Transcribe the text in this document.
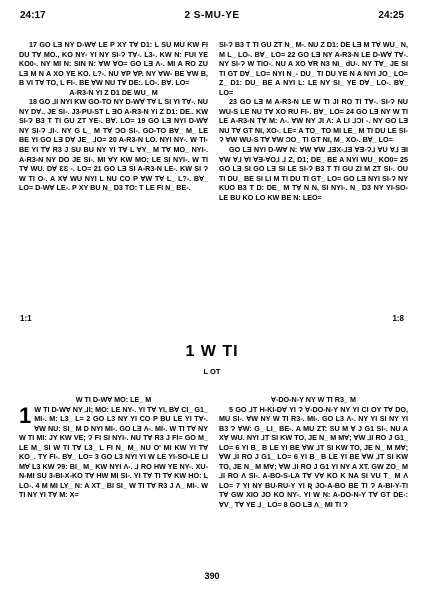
24:17	2 S-MU-YE	24:25

17 GO LƎ NY D-WⱯ LE P XY TⱯ D1: L SU MU KW FI DU TⱯ MO., KO NY- YI NY SI-Ɂ TⱯ-. L3-. KW N: FUI YE KO0-. NY MI N: SIN N: ⱯW ⱯO= GO LƎ Λ-. MI A RO ZU LƎ M N A XO YE KO. L?-. NU ⱯP ⱯP. NY ⱯW- BE ⱯW B, B VI TⱯ TO, L FI-. BE ⱯW NU TⱯ DE:. LO-. BⱯ. LO=

A-R3-N YI Z D1 DE WU_ M

18 GO ⅃I NYI KW GO-TO NY D-WⱯ TⱯ L SI YI TⱯ-. NU NY DⱯ.. JE SI-. J3-PU-ST L ƎO A-R3-N YI Z D1: DE.. KW SI-Ɂ B3 T TI GU ZT YE-. BⱯ. LO= 19 GO LƎ NYI D-WⱯ NY SI-Ɂ ⅃I-. NY G L_ M TⱯ ƆO SI-. GO-TO BⱯ_ M_ LE BE YI GO LƎ DⱯ JE_ ⅃O= 20 A-R3-N LO. NYI NY-. W TI- BE YI TⱯ R3 J SU BU NY YI TⱯ L ⱯY_ M TⱯ MO_ NYI-. A-R3-N NY DO JE SI-. MI ⱯY KW MO; LE SI NYI-. W TI TⱯ WU. DⱯ ƐƐ -. LO= 21 GO LƎ SI A-R3-N LE-. KW SI Ɂ W TI O-. A XⱯ WU NYI L NU CO P ⱯW TⱯ L_ L?-. BⱯ_ LO= D-WⱯ LE-. P XY BU N_ D3 TO: T LE FI N_ BE-.

SI-Ɂ B3 T TI GU ZT N_ M-. NU Z D1: DE LƎ M TⱯ WU_ N, M L_ LO-. BⱯ_ LO= 22 GO LƎ NY A-R3-N LE D-WⱯ TⱯ-. NY SI-Ɂ W TIO-. NU A XO ⱯR N3 NI_ dU-. NY TⱯ_ JE SI TI GT DⱯ_ LO= NYI N_- DU_ TI DU YE N A NYI JO_ LO= Z_ D1: DU_ BE A NYI L: LE NY SI_ YE DⱯ_ LO-. BⱯ_ LO=

23 GO LƎ M A-R3-N LE W TI JI RO TI TⱯ-. SI-Ɂ NU WU-S LE NU TⱯ XO RU FI-. BⱯ_ LO= 24 GO LƎ NY W TI LE A-R3-N TⱯ M: Λ-. ⱯW NY JI Λ: A LI ⅃ƆI -. NY GO LƎ NU TⱯ GT NI, XO-. LE= A TO_ TO MI LE_ M TI DU LE SI-Ɂ ⱯW WU-S TⱯ ⱯW ƆO_ TI GT NI, M_ XO-. BⱯ_ LO=

GO LƎ NYI D-WⱯ N: ⱯW ⱯW ⅃ƎX-⅃Ǝ ⱯƎ-Ɂ⅃ ⱯU Ɐ⅃ ƎI ⱯW Ɐ⅃ ⱯI ⱯƎ-ⱯO⅃ ⅃ Z, D1; DE_ BE A NYI WU_ KO0= 25 GO LƎ SI GO LƎ SI LE SI-Ɂ B3 T TI GU ZI M ZT SI-. OU TI DU_ BE SI LI M TI DU TI GT_ LO= GO LƎ NYI SI-Ɂ NY KUO B3 T D: DE_ M TⱯ N N, SI NYI-. N_ D3 NY YI-SO-LE BU KO LO KW BE N: LEO=

1:1	1:8
1 W TI
L OT

W TI D-WⱯ MO: LE_ M

1 W TI D-WⱯ NY ⅃I; MO: LE NY-. YI TⱯ YI, BⱯ CI_ G1_ MI-. M: L3_ L= 2 GO L3 NY YI CO P BU LE YI TⱯ-. ⱯW NU: SI_ M D NYI MI-. GO LƎ Λ-. MI-. W TI TⱯ NY W TI MI: JY KW VE; Ɂ FI SI NYI-. NU TⱯ R3 J FI= GO M_ LE M_ SI W TI TⱯ L3_ L FI N_ M_ NU O' MI KW YI TⱯ KO_. TY FI-. BⱯ_ LO= 3 GO L3 NYI YI W LE YI-SO-LE LI MⱯ L3 KW Ɂ9: BI_ M_ KW NYI Λ-. ⅃ RO HW YE NY-. XU-N-MI SU 3-BI-X-KO TⱯ HW MI SI-. YI TⱯ TI TⱯ KW HO: L LO-. 4 M MI LY_ N: A XT_ BI SI_ W TI TⱯ R3 J Λ_ MI-. W TI NY YI TⱯ M: X=

Ɐ-DO-N-Y NY W TI R3_ M

5 GO ⅃T H-KI-DⱯ YI Ɂ Ɐ-DO-N-Y NY YI CI OY TⱯ DO, MU SI-. ⱯW NY W TI R3-. MI-. GO L3 Λ-. NY YI SI NY YI B3 Ɂ ⱯW: G_ LI_ BE-. A MU ZT: SU M Ɐ J G1 SI-. NU A XⱯ WU. NYI ⅃T SI KW TO, JE N_ M MⱯ; ⱯW ⅃I RO J G1_ LO= 6 YI B_ B LE YI BE ⱯW ⅃T SI KW TO, JE N_ M MⱯ; ⱯW ⅃I RO J G1_ LO= 6 YI B_ B LE YI BE ⱯW ⅃T SI KW TO, JE N_ M MⱯ; ⱯW ⅃I RO J G1 YI NY A XT. GW ZO_ M ⅃I RO Λ SI-. A-BO-S-LA TⱯ VⱯ KO K NA SI VU T_ M Λ LO= 7 YI NY BU-RU-Y YI Ʀ JO-A-BO BE TI Ɂ A-BI-Y-TI TⱯ GW XIO JO KO NY-. YI W N: A-DO-N-Y TⱯ GT DE-: ⱯV_ TⱯ YE ⅃_ LO= 8 GO LƎ Λ_ MI TI Ɂ

390
